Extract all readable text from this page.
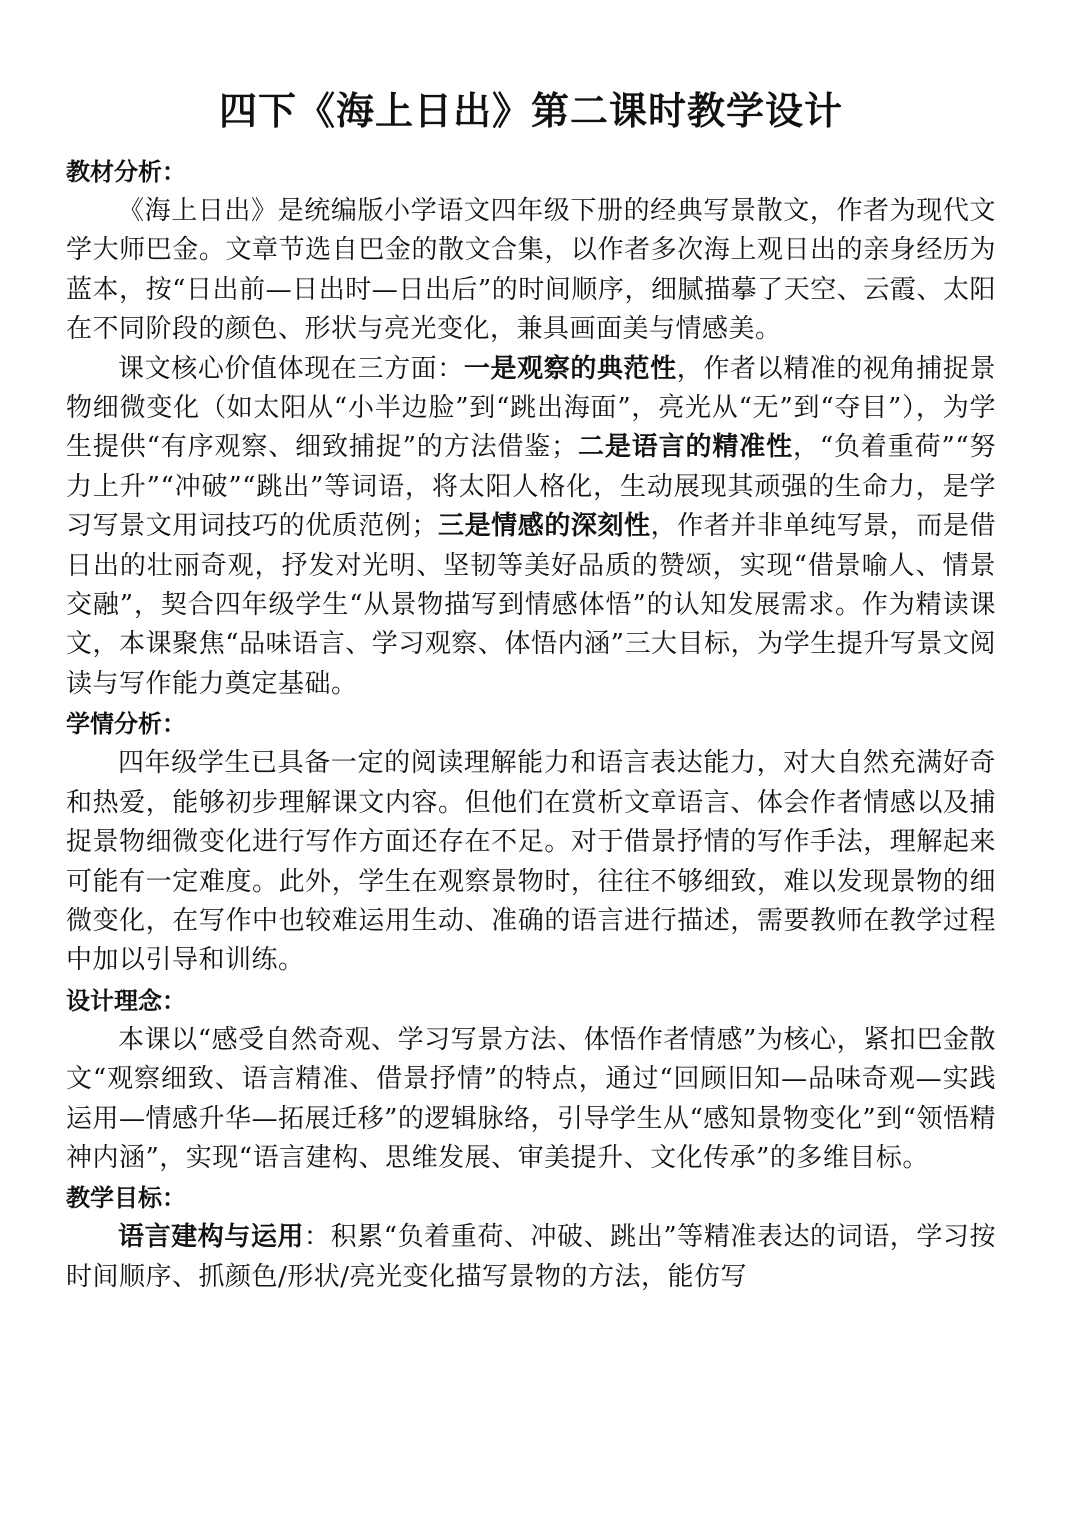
四下《海上日出》第二课时教学设计
教材分析：

《海上日出》是统编版小学语文四年级下册的经典写景散文，作者为现代文学大师巴金。文章节选自巴金的散文合集，以作者多次海上观日出的亲身经历为蓝本，按“日出前—日出时—日出后”的时间顺序，细腻描摹了天空、云霞、太阳在不同阶段的颜色、形状与亮光变化，兼具画面美与情感美。

课文核心价值体现在三方面：一是观察的典范性，作者以精准的视角捕捉景物细微变化（如太阳从“小半边脸”到“跳出海面”，亮光从“无”到“夺目”），为学生提供“有序观察、细致捕捉”的方法借鉴；二是语言的精准性，“负着重荷”“努力上升”“冲破”“跳出”等词语，将太阳人格化，生动展现其顽强的生命力，是学习写景文用词技巧的优质范例；三是情感的深刻性，作者并非单纯写景，而是借日出的壮丽奇观，抒发对光明、坚韧等美好品质的赞颂，实现“借景喻人、情景交融”，契合四年级学生“从景物描写到情感体悟”的认知发展需求。作为精读课文，本课聚焦“品味语言、学习观察、体悟内涵”三大目标，为学生提升写景文阅读与写作能力奠定基础。

学情分析：

四年级学生已具备一定的阅读理解能力和语言表达能力，对大自然充满好奇和热爱，能够初步理解课文内容。但他们在赏析文章语言、体会作者情感以及捕捉景物细微变化进行写作方面还存在不足。对于借景抒情的写作手法，理解起来可能有一定难度。此外，学生在观察景物时，往往不够细致，难以发现景物的细微变化，在写作中也较难运用生动、准确的语言进行描述，需要教师在教学过程中加以引导和训练。

设计理念：

本课以“感受自然奇观、学习写景方法、体悟作者情感”为核心，紧扣巴金散文“观察细致、语言精准、借景抒情”的特点，通过“回顾旧知—品味奇观—实践运用—情感升华—拓展迁移”的逻辑脉络，引导学生从“感知景物变化”到“领悟精神内涵”，实现“语言建构、思维发展、审美提升、文化传承”的多维目标。

教学目标：

语言建构与运用：积累“负着重荷、冲破、跳出”等精准表达的词语，学习按时间顺序、抓颜色/形状/亮光变化描写景物的方法，能仿写
